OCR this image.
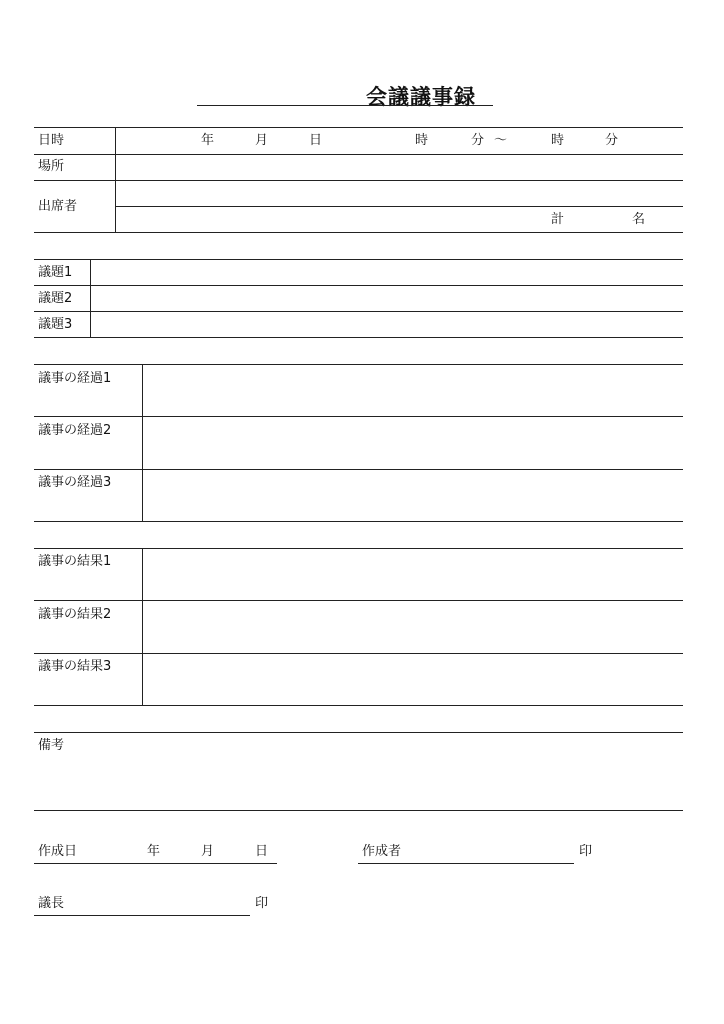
会議議事録
日時	年	月	日	時	分 ～	時	分
場所
出席者
計	名
議題1
議題2
議題3
議事の経過1
議事の経過2
議事の経過3
議事の結果1
議事の結果2
議事の結果3
備考
作成日	年	月	日	作成者	印
議長	印
